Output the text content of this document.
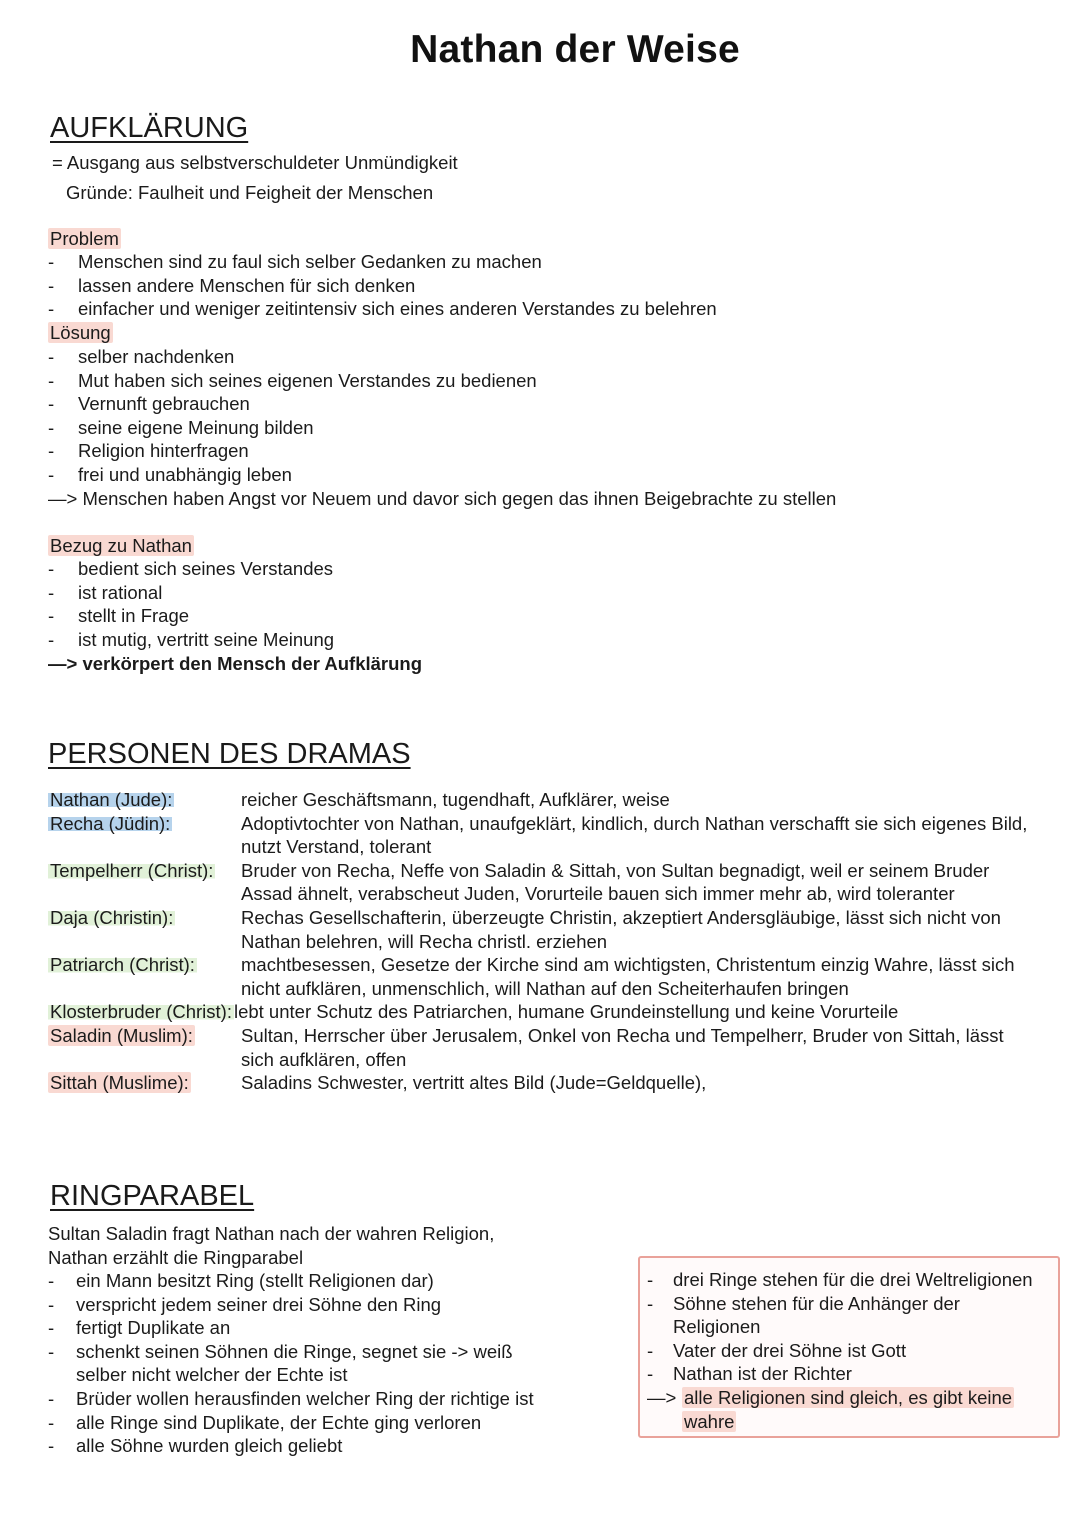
Nathan der Weise
AUFKLÄRUNG
= Ausgang aus selbstverschuldeter Unmündigkeit
Gründe: Faulheit und Feigheit der Menschen
Problem
-	Menschen sind zu faul sich selber Gedanken zu machen
-	lassen andere Menschen für sich denken
-	einfacher und weniger zeitintensiv sich eines anderen Verstandes zu belehren
Lösung
-	selber nachdenken
-	Mut haben sich seines eigenen Verstandes zu bedienen
-	Vernunft gebrauchen
-	seine eigene Meinung bilden
-	Religion hinterfragen
-	frei und unabhängig leben
—> Menschen haben Angst vor Neuem und davor sich gegen das ihnen Beigebrachte zu stellen
Bezug zu Nathan
-	bedient sich seines Verstandes
-	ist rational
-	stellt in Frage
-	ist mutig, vertritt seine Meinung
—> verkörpert den Mensch der Aufklärung
PERSONEN DES DRAMAS
Nathan (Jude):	reicher Geschäftsmann, tugendhaft, Aufklärer, weise
Recha (Jüdin):	Adoptivtochter von Nathan, unaufgeklärt, kindlich, durch Nathan verschafft sie sich eigenes Bild, nutzt Verstand, tolerant
Tempelherr (Christ):	Bruder von Recha, Neffe von Saladin & Sittah, von Sultan begnadigt, weil er seinem Bruder Assad ähnelt, verabscheut Juden, Vorurteile bauen sich immer mehr ab, wird toleranter
Daja (Christin):	Rechas Gesellschafterin, überzeugte Christin, akzeptiert Andersgläubige, lässt sich nicht von Nathan belehren, will Recha christl. erziehen
Patriarch (Christ):	machtbesessen, Gesetze der Kirche sind am wichtigsten, Christentum einzig Wahre, lässt sich nicht aufklären, unmenschlich, will Nathan auf den Scheiterhaufen bringen
Klosterbruder (Christ): lebt unter Schutz des Patriarchen, humane Grundeinstellung und keine Vorurteile
Saladin (Muslim):	Sultan, Herrscher über Jerusalem, Onkel von Recha und Tempelherr, Bruder von Sittah, lässt sich aufklären, offen
Sittah (Muslime):	Saladins Schwester, vertritt altes Bild (Jude=Geldquelle),
RINGPARABEL
Sultan Saladin fragt Nathan nach der wahren Religion,
Nathan erzählt die Ringparabel
-	ein Mann besitzt Ring (stellt Religionen dar)
-	verspricht jedem seiner drei Söhne den Ring
-	fertigt Duplikate an
-	schenkt seinen Söhnen die Ringe, segnet sie -> weiß selber nicht welcher der Echte ist
-	Brüder wollen herausfinden welcher Ring der richtige ist
-	alle Ringe sind Duplikate, der Echte ging verloren
-	alle Söhne wurden gleich geliebt
-	drei Ringe stehen für die drei Weltreligionen
-	Söhne stehen für die Anhänger der Religionen
-	Vater der drei Söhne ist Gott
-	Nathan ist der Richter
—> alle Religionen sind gleich, es gibt keine wahre
